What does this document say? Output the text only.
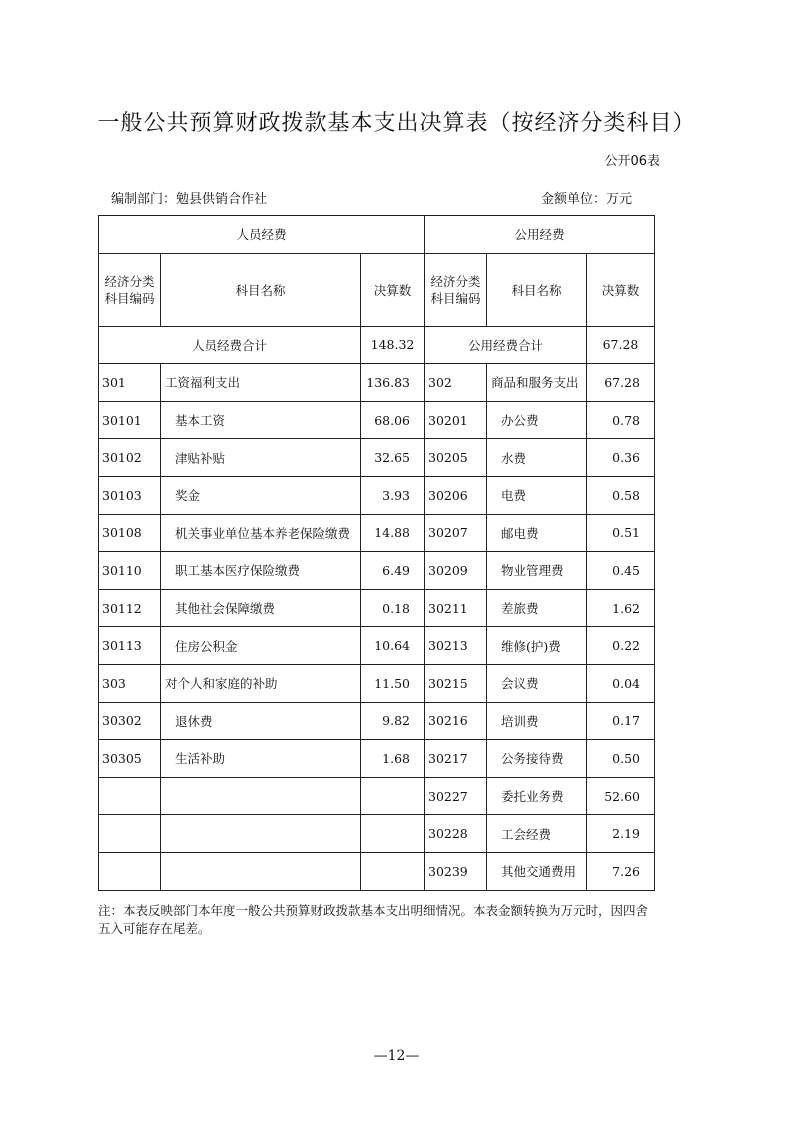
一般公共预算财政拨款基本支出决算表（按经济分类科目）
公开06表
编制部门：勉县供销合作社	金额单位：万元
人员经费			公用经费		
经济分类科目编码	科目名称	决算数	经济分类科目编码	科目名称	决算数
人员经费合计		148.32	公用经费合计		67.28
301	工资福利支出	136.83	302	商品和服务支出	67.28
30101	基本工资	68.06	30201	办公费	0.78
30102	津贴补贴	32.65	30205	水费	0.36
30103	奖金	3.93	30206	电费	0.58
30108	机关事业单位基本养老保险缴费	14.88	30207	邮电费	0.51
30110	职工基本医疗保险缴费	6.49	30209	物业管理费	0.45
30112	其他社会保障缴费	0.18	30211	差旅费	1.62
30113	住房公积金	10.64	30213	维修(护)费	0.22
303	对个人和家庭的补助	11.50	30215	会议费	0.04
30302	退休费	9.82	30216	培训费	0.17
30305	生活补助	1.68	30217	公务接待费	0.50
			30227	委托业务费	52.60
			30228	工会经费	2.19
			30239	其他交通费用	7.26
注：本表反映部门本年度一般公共预算财政拨款基本支出明细情况。本表金额转换为万元时，因四舍五入可能存在尾差。
—12—
